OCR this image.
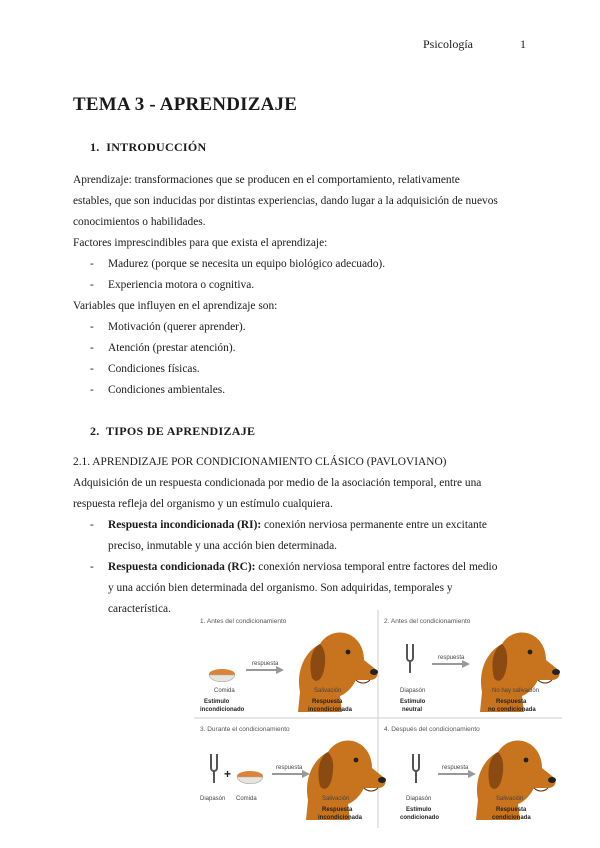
Psicología	1
TEMA 3 - APRENDIZAJE
1. INTRODUCCIÓN

Aprendizaje: transformaciones que se producen en el comportamiento, relativamente

estables, que son inducidas por distintas experiencias, dando lugar a la adquisición de nuevos

conocimientos o habilidades.

Factores imprescindibles para que exista el aprendizaje:

- Madurez (porque se necesita un equipo biológico adecuado).
- Experiencia motora o cognitiva.

Variables que influyen en el aprendizaje son:

- Motivación (querer aprender).
- Atención (prestar atención).
- Condiciones físicas.
- Condiciones ambientales.
2. TIPOS DE APRENDIZAJE

2.1. APRENDIZAJE POR CONDICIONAMIENTO CLÁSICO (PAVLOVIANO)

Adquisición de un respuesta condicionada por medio de la asociación temporal, entre una

respuesta refleja del organismo y un estímulo cualquiera.

- Respuesta incondicionada (RI): conexión nerviosa permanente entre un excitante
preciso, inmutable y una acción bien determinada.
- Respuesta condicionada (RC): conexión nerviosa temporal entre factores del medio
y una acción bien determinada del organismo. Son adquiridas, temporales y
característica.
1. Antes del condicionamiento
respuesta
Comida	Salivación
Estímulo
incondicionado
Respuesta
incondicionada
2. Antes del condicionamiento
respuesta
Diapasón	No hay salivación
Estímulo
neutral
Respuesta
no condicionada
3. Durante el condicionamiento
+	respuesta
Diapasón Comida	Salivación
Respuesta
incondicionada
4. Después del condicionamiento
respuesta
Diapasón	Salivación
Estímulo
condicionado
Respuesta
condicionada
